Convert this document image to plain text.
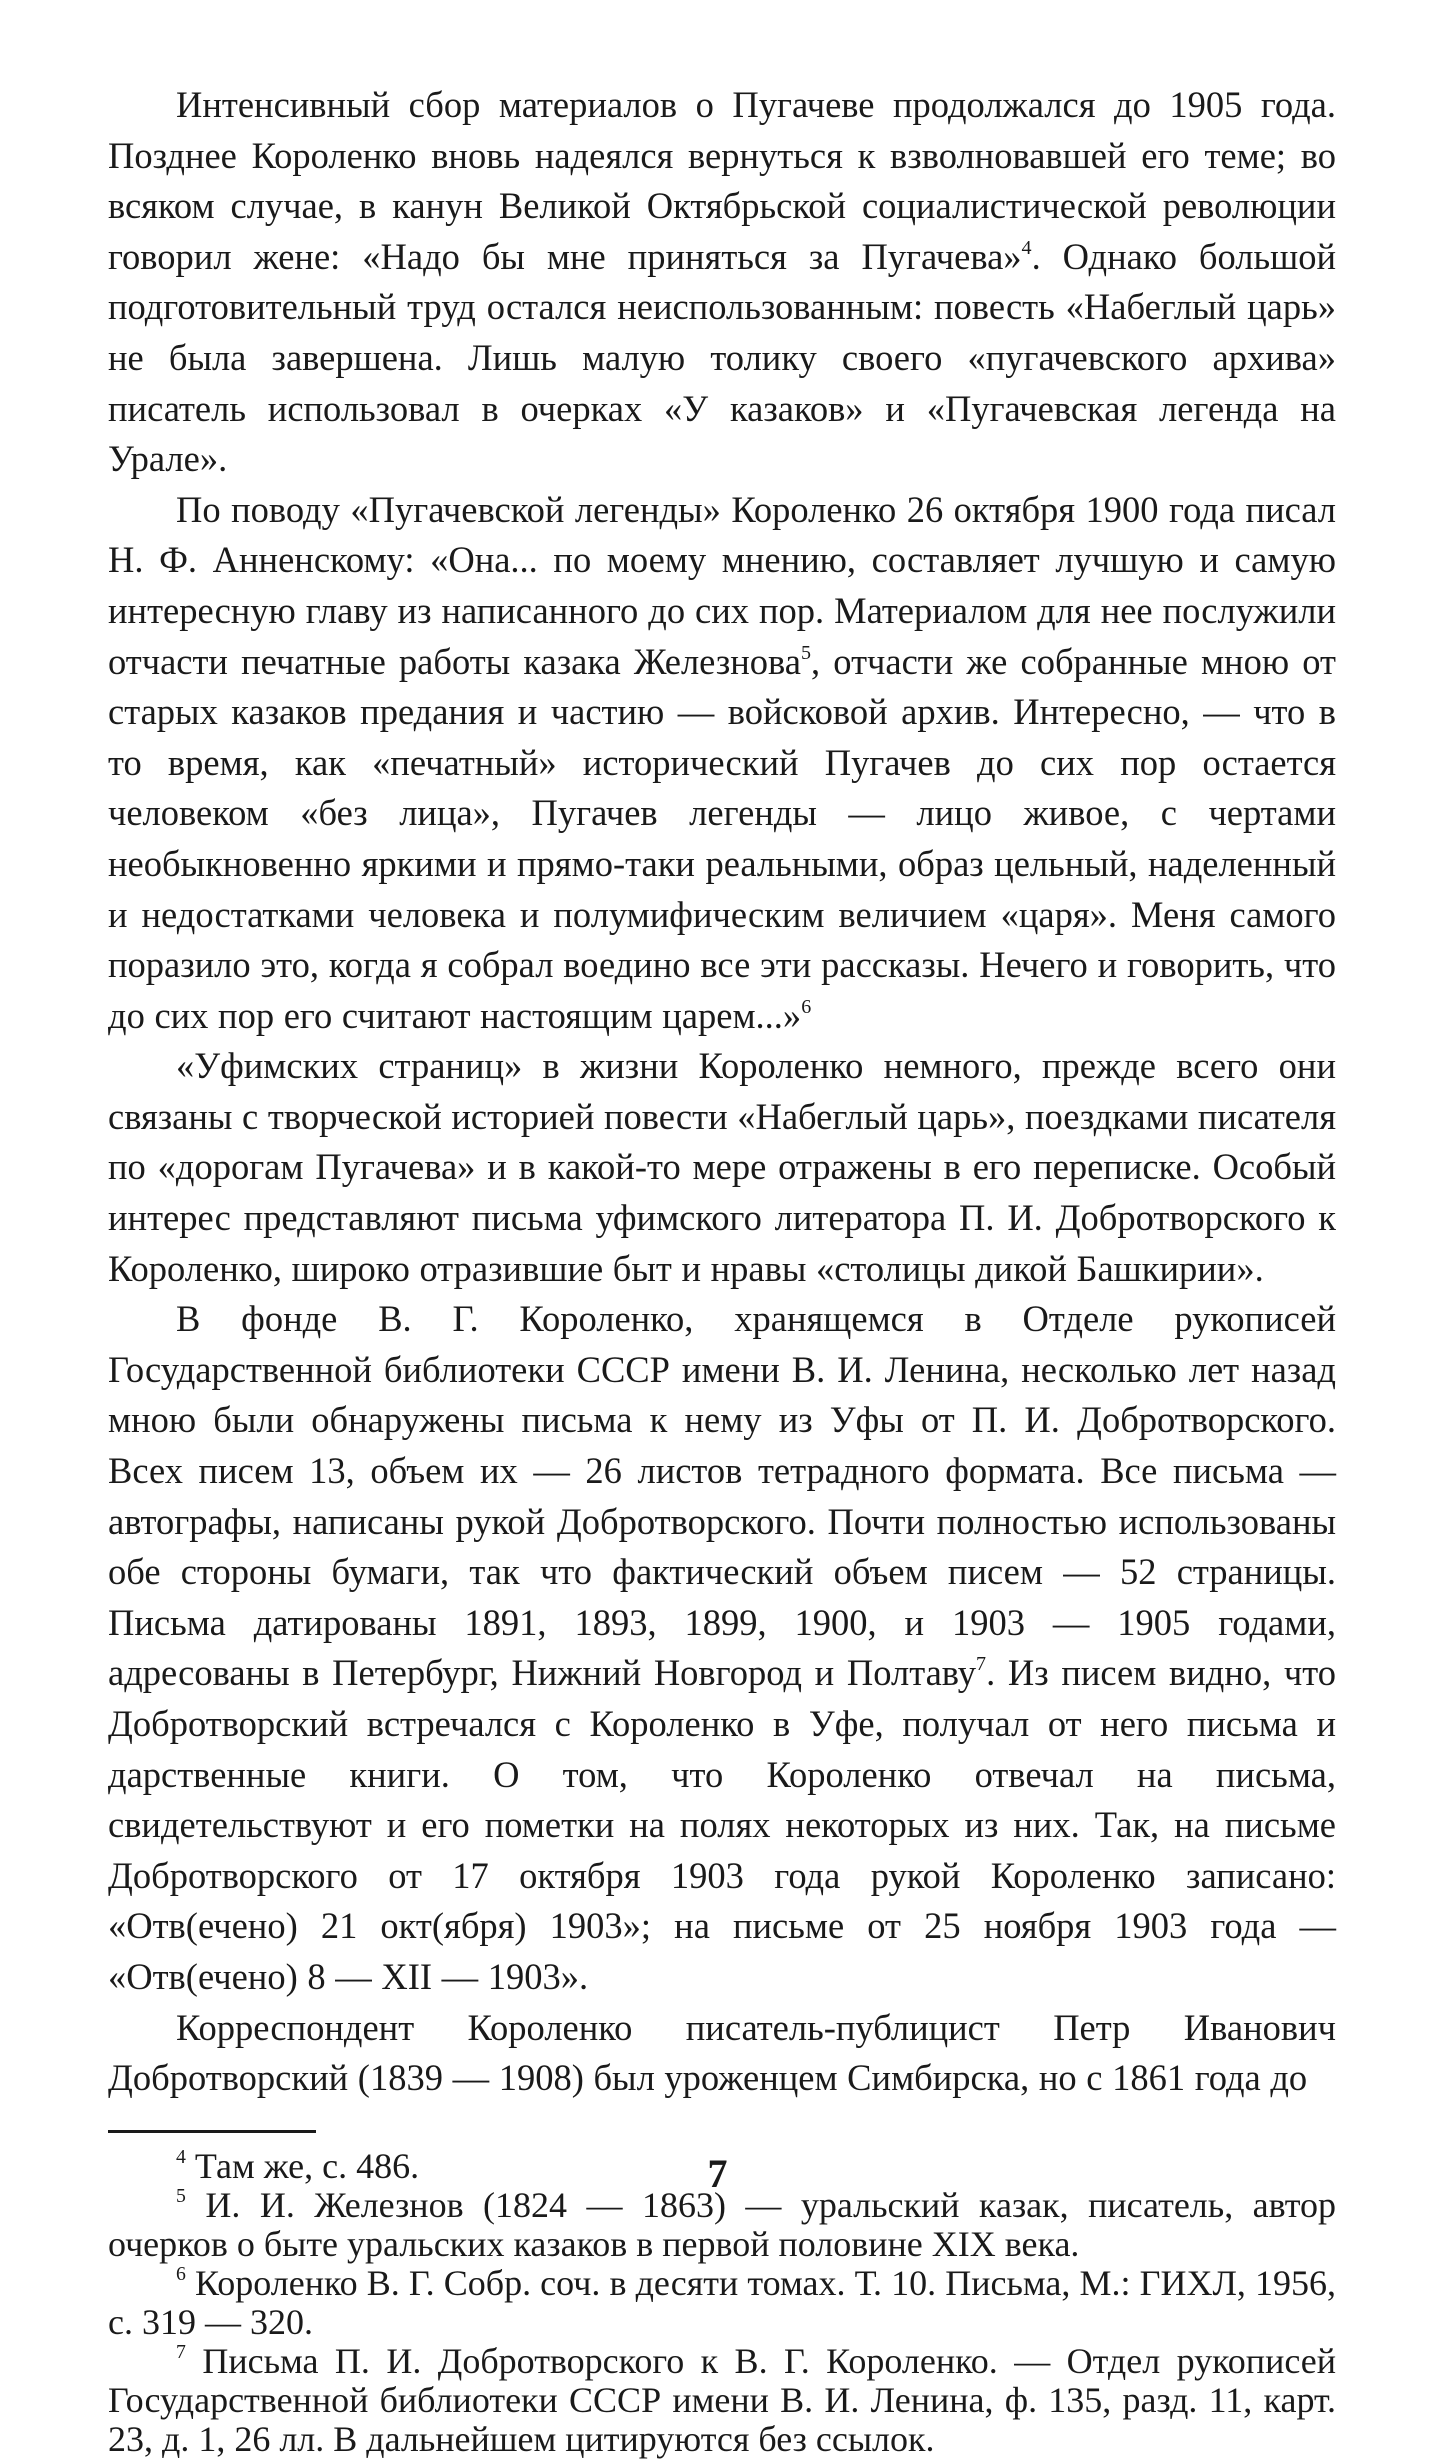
Интенсивный сбор материалов о Пугачеве продолжался до 1905 года. Позднее Короленко вновь надеялся вернуться к взволновавшей его теме; во всяком случае, в канун Великой Октябрьской социалистической революции говорил жене: «Надо бы мне приняться за Пугачева»$^4$. Однако большой подготовительный труд остался неиспользованным: повесть «Набеглый царь» не была завершена. Лишь малую толику своего «пугачевского архива» писатель использовал в очерках «У казаков» и «Пугачевская легенда на Урале».

По поводу «Пугачевской легенды» Короленко 26 октября 1900 года писал Н. Ф. Анненскому: «Она... по моему мнению, составляет лучшую и самую интересную главу из написанного до сих пор. Материалом для нее послужили отчасти печатные работы казака Железнова$^5$, отчасти же собранные мною от старых казаков предания и частию — войсковой архив. Интересно, — что в то время, как «печатный» исторический Пугачев до сих пор остается человеком «без лица», Пугачев легенды — лицо живое, с чертами необыкновенно яркими и прямо-таки реальными, образ цельный, наделенный и недостатками человека и полумифическим величием «царя». Меня самого поразило это, когда я собрал воедино все эти рассказы. Нечего и говорить, что до сих пор его считают настоящим царем...»$^6$

«Уфимских страниц» в жизни Короленко немного, прежде всего они связаны с творческой историей повести «Набеглый царь», поездками писателя по «дорогам Пугачева» и в какой-то мере отражены в его переписке. Особый интерес представляют письма уфимского литератора П. И. Добротворского к Короленко, широко отразившие быт и нравы «столицы дикой Башкирии».

В фонде В. Г. Короленко, хранящемся в Отделе рукописей Государственной библиотеки СССР имени В. И. Ленина, несколько лет назад мною были обнаружены письма к нему из Уфы от П. И. Добротворского. Всех писем 13, объем их — 26 листов тетрадного формата. Все письма — автографы, написаны рукой Добротворского. Почти полностью использованы обе стороны бумаги, так что фактический объем писем — 52 страницы. Письма датированы 1891, 1893, 1899, 1900, и 1903 — 1905 годами, адресованы в Петербург, Нижний Новгород и Полтаву$^7$. Из писем видно, что Добротворский встречался с Короленко в Уфе, получал от него письма и дарственные книги. О том, что Короленко отвечал на письма, свидетельствуют и его пометки на полях некоторых из них. Так, на письме Добротворского от 17 октября 1903 года рукой Короленко записано: «Отв(ечено) 21 окт(ября) 1903»; на письме от 25 ноября 1903 года — «Отв(ечено) 8 — XII — 1903».

Корреспондент Короленко писатель-публицист Петр Иванович Добротворский (1839 — 1908) был уроженцем Симбирска, но с 1861 года до

$^4$ Там же, с. 486.

$^5$ И. И. Железнов (1824 — 1863) — уральский казак, писатель, автор очерков о быте уральских казаков в первой половине XIX века.

$^6$ Короленко В. Г. Собр. соч. в десяти томах. Т. 10. Письма, М.: ГИХЛ, 1956, с. 319 — 320.

$^7$ Письма П. И. Добротворского к В. Г. Короленко. — Отдел рукописей Государственной библиотеки СССР имени В. И. Ленина, ф. 135, разд. 11, карт. 23, д. 1, 26 лл. В дальнейшем цитируются без ссылок.

7
